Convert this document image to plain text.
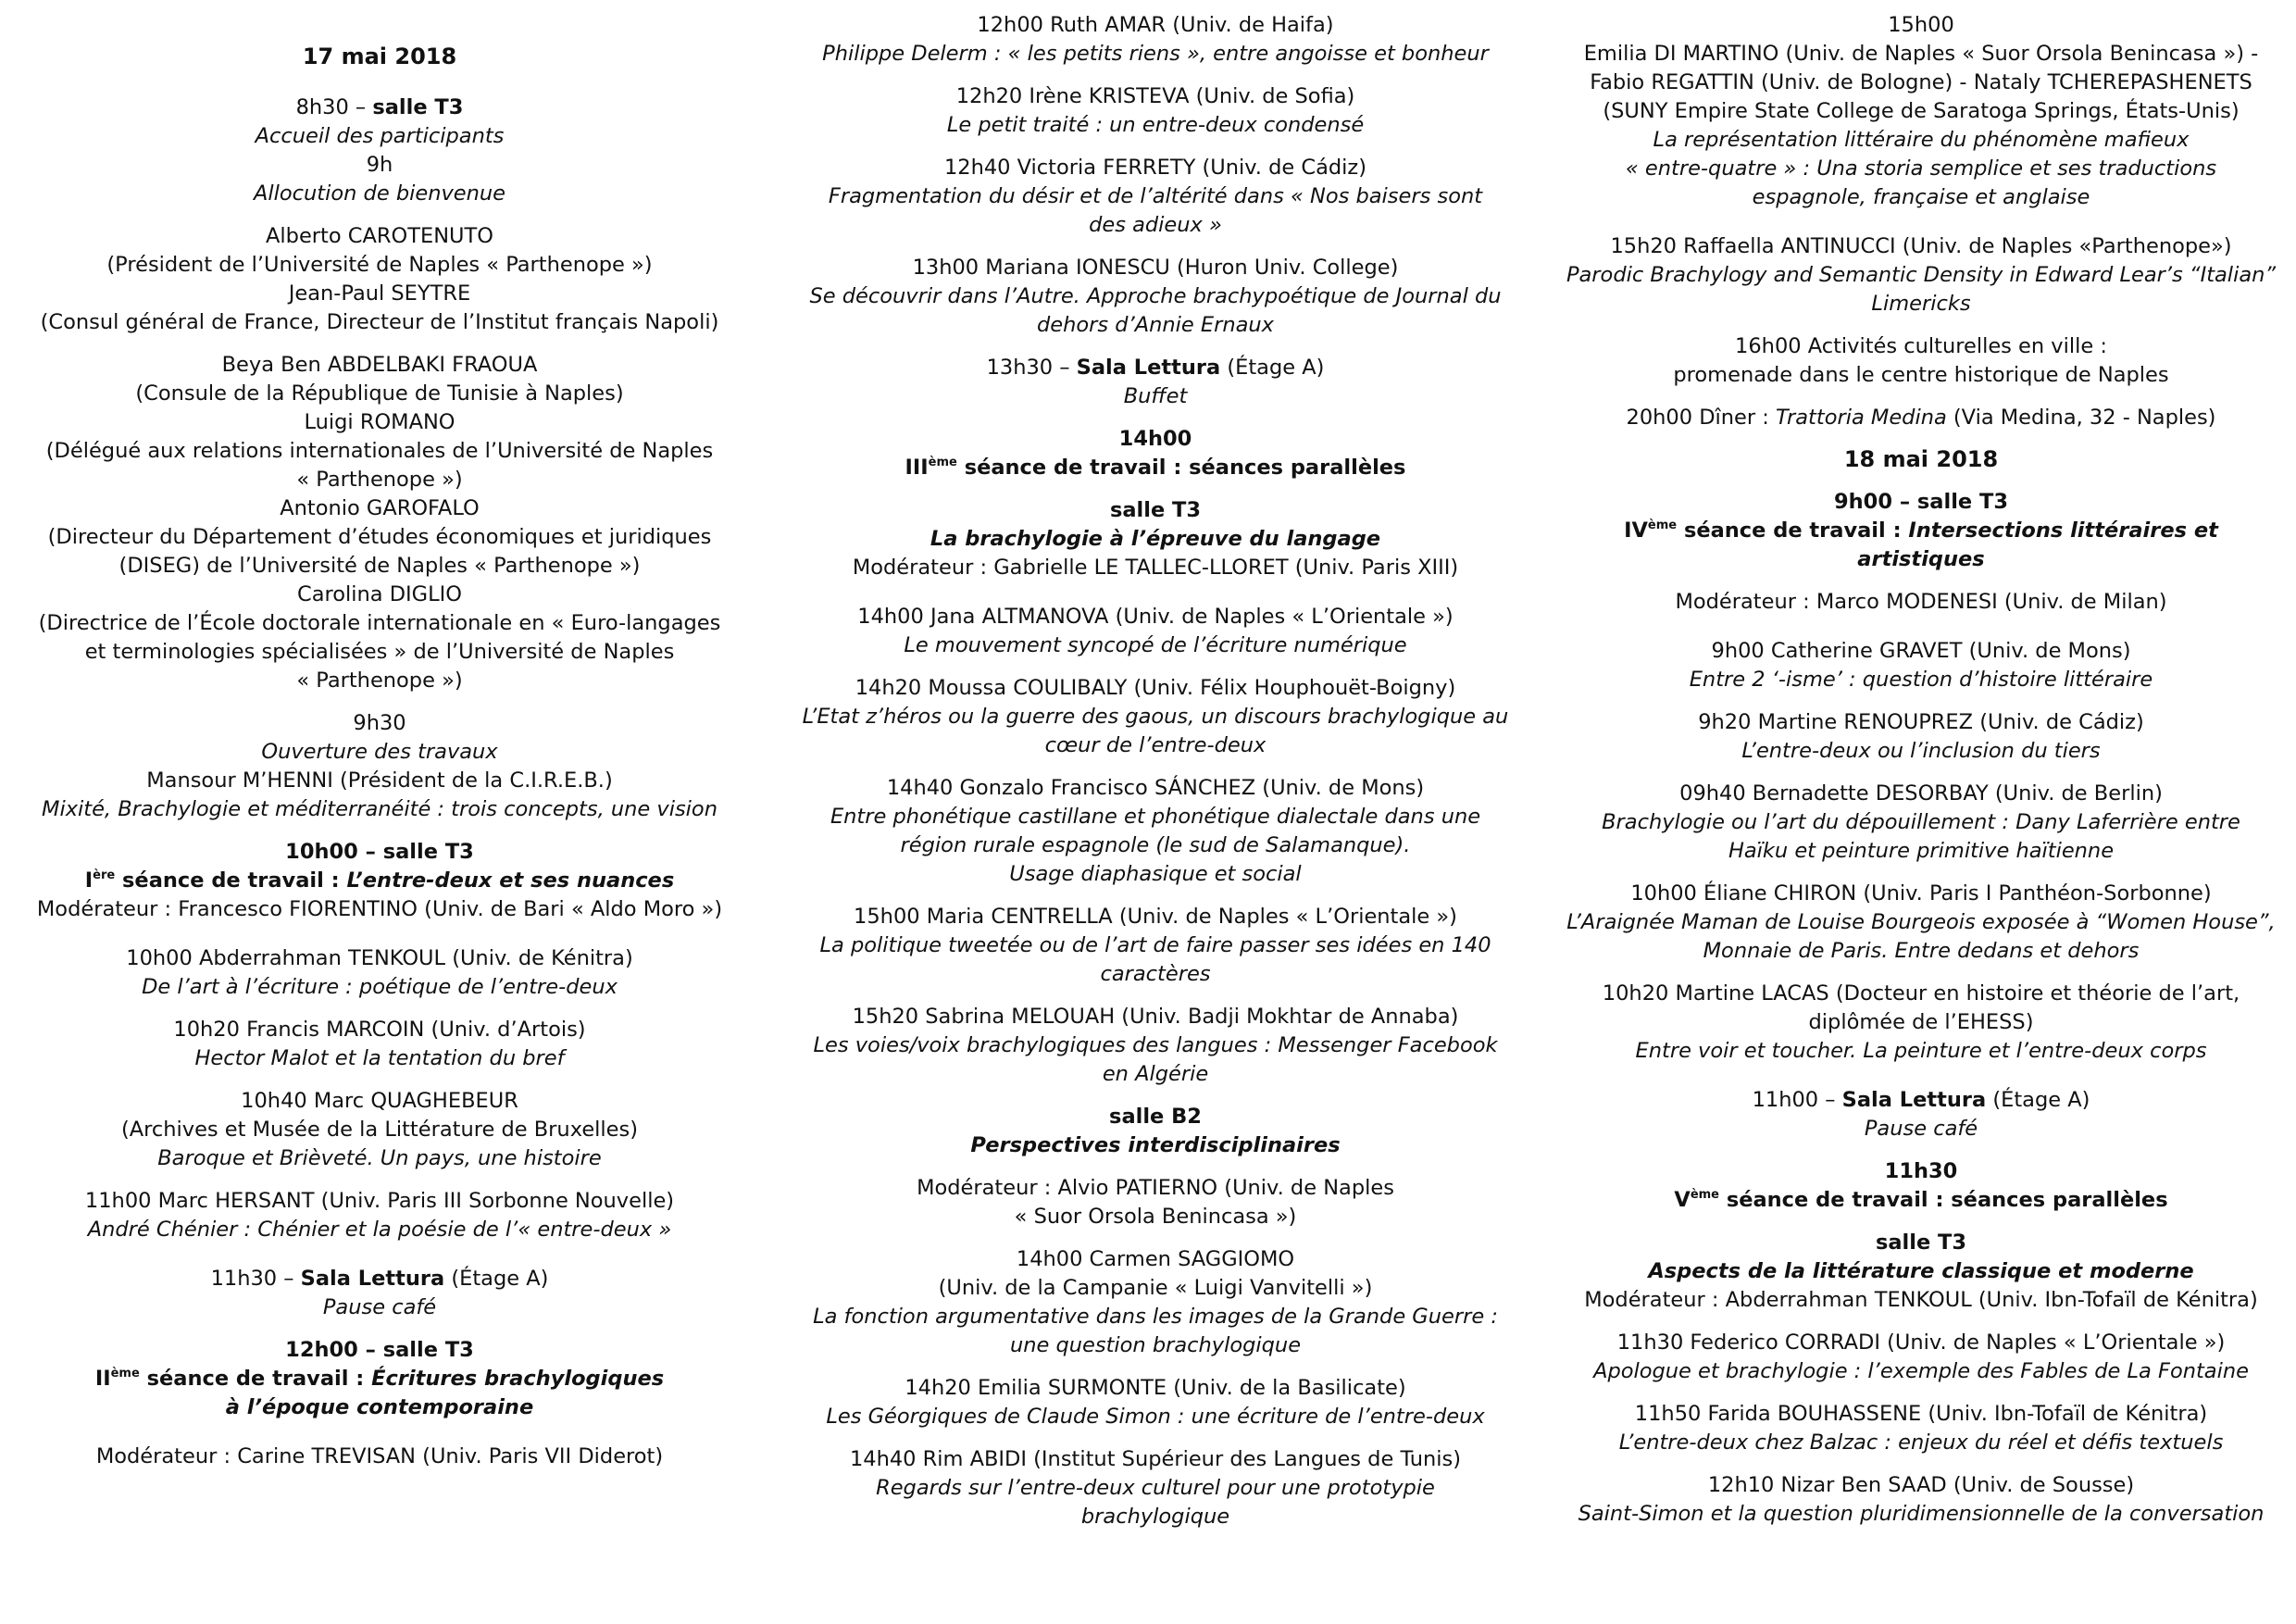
17 mai 2018
8h30 – salle T3
Accueil des participants
9h
Allocution de bienvenue
Alberto CAROTENUTO
(Président de l’Université de Naples « Parthenope »)
Jean-Paul SEYTRE
(Consul général de France, Directeur de l’Institut français Napoli)
Beya Ben ABDELBAKI FRAOUA
(Consule de la République de Tunisie à Naples)
Luigi ROMANO
(Délégué aux relations internationales de l’Université de Naples
« Parthenope »)
Antonio GAROFALO
(Directeur du Département d’études économiques et juridiques
(DISEG) de l’Université de Naples « Parthenope »)
Carolina DIGLIO
(Directrice de l’École doctorale internationale en « Euro-langages
et terminologies spécialisées » de l’Université de Naples
« Parthenope »)
9h30
Ouverture des travaux
Mansour M’HENNI (Président de la C.I.R.E.B.)
Mixité, Brachylogie et méditerranéité : trois concepts, une vision
10h00 – salle T3
Ière séance de travail : L’entre-deux et ses nuances
Modérateur : Francesco FIORENTINO (Univ. de Bari « Aldo Moro »)
10h00 Abderrahman TENKOUL (Univ. de Kénitra)
De l’art à l’écriture : poétique de l’entre-deux
10h20 Francis MARCOIN (Univ. d’Artois)
Hector Malot et la tentation du bref
10h40 Marc QUAGHEBEUR
(Archives et Musée de la Littérature de Bruxelles)
Baroque et Brièveté. Un pays, une histoire
11h00 Marc HERSANT (Univ. Paris III Sorbonne Nouvelle)
André Chénier : Chénier et la poésie de l’« entre-deux »
11h30 – Sala Lettura (Étage A)
Pause café
12h00 – salle T3
IIème séance de travail : Écritures brachylogiques
à l’époque contemporaine
Modérateur : Carine TREVISAN (Univ. Paris VII Diderot)
12h00 Ruth AMAR (Univ. de Haifa)
Philippe Delerm : « les petits riens », entre angoisse et bonheur
12h20 Irène KRISTEVA (Univ. de Sofia)
Le petit traité : un entre-deux condensé
12h40 Victoria FERRETY (Univ. de Cádiz)
Fragmentation du désir et de l’altérité dans « Nos baisers sont
des adieux »
13h00 Mariana IONESCU (Huron Univ. College)
Se découvrir dans l’Autre. Approche brachypoétique de Journal du
dehors d’Annie Ernaux
13h30 – Sala Lettura (Étage A)
Buffet
14h00
IIIème séance de travail : séances parallèles
salle T3
La brachylogie à l’épreuve du langage
Modérateur : Gabrielle LE TALLEC-LLORET (Univ. Paris XIII)
14h00 Jana ALTMANOVA (Univ. de Naples « L’Orientale »)
Le mouvement syncopé de l’écriture numérique
14h20 Moussa COULIBALY (Univ. Félix Houphouët-Boigny)
L’Etat z’héros ou la guerre des gaous, un discours brachylogique au
cœur de l’entre-deux
14h40 Gonzalo Francisco SÁNCHEZ (Univ. de Mons)
Entre phonétique castillane et phonétique dialectale dans une
région rurale espagnole (le sud de Salamanque).
Usage diaphasique et social
15h00 Maria CENTRELLA (Univ. de Naples « L’Orientale »)
La politique tweetée ou de l’art de faire passer ses idées en 140
caractères
15h20 Sabrina MELOUAH (Univ. Badji Mokhtar de Annaba)
Les voies/voix brachylogiques des langues : Messenger Facebook
en Algérie
salle B2
Perspectives interdisciplinaires
Modérateur : Alvio PATIERNO (Univ. de Naples
« Suor Orsola Benincasa »)
14h00 Carmen SAGGIOMO
(Univ. de la Campanie « Luigi Vanvitelli »)
La fonction argumentative dans les images de la Grande Guerre :
une question brachylogique
14h20 Emilia SURMONTE (Univ. de la Basilicate)
Les Géorgiques de Claude Simon : une écriture de l’entre-deux
14h40 Rim ABIDI (Institut Supérieur des Langues de Tunis)
Regards sur l’entre-deux culturel pour une prototypie
brachylogique
15h00
Emilia DI MARTINO (Univ. de Naples « Suor Orsola Benincasa ») -
Fabio REGATTIN (Univ. de Bologne) - Nataly TCHEREPASHENETS
(SUNY Empire State College de Saratoga Springs, États-Unis)
La représentation littéraire du phénomène mafieux
« entre-quatre » : Una storia semplice et ses traductions
espagnole, française et anglaise
15h20 Raffaella ANTINUCCI (Univ. de Naples «Parthenope»)
Parodic Brachylogy and Semantic Density in Edward Lear’s “Italian”
Limericks
16h00 Activités culturelles en ville :
promenade dans le centre historique de Naples
20h00 Dîner : Trattoria Medina (Via Medina, 32 - Naples)
18 mai 2018
9h00 – salle T3
IVème séance de travail : Intersections littéraires et artistiques
Modérateur : Marco MODENESI (Univ. de Milan)
9h00 Catherine GRAVET (Univ. de Mons)
Entre 2 ‘-isme’ : question d’histoire littéraire
9h20 Martine RENOUPREZ (Univ. de Cádiz)
L’entre-deux ou l’inclusion du tiers
09h40 Bernadette DESORBAY (Univ. de Berlin)
Brachylogie ou l’art du dépouillement : Dany Laferrière entre
Haïku et peinture primitive haïtienne
10h00 Éliane CHIRON (Univ. Paris I Panthéon-Sorbonne)
L’Araignée Maman de Louise Bourgeois exposée à “Women House”,
Monnaie de Paris. Entre dedans et dehors
10h20 Martine LACAS (Docteur en histoire et théorie de l’art,
diplômée de l’EHESS)
Entre voir et toucher. La peinture et l’entre-deux corps
11h00 – Sala Lettura (Étage A)
Pause café
11h30
Vème séance de travail : séances parallèles
salle T3
Aspects de la littérature classique et moderne
Modérateur : Abderrahman TENKOUL (Univ. Ibn-Tofaïl de Kénitra)
11h30 Federico CORRADI (Univ. de Naples « L’Orientale »)
Apologue et brachylogie : l’exemple des Fables de La Fontaine
11h50 Farida BOUHASSENE (Univ. Ibn-Tofaïl de Kénitra)
L’entre-deux chez Balzac : enjeux du réel et défis textuels
12h10 Nizar Ben SAAD (Univ. de Sousse)
Saint-Simon et la question pluridimensionnelle de la conversation
